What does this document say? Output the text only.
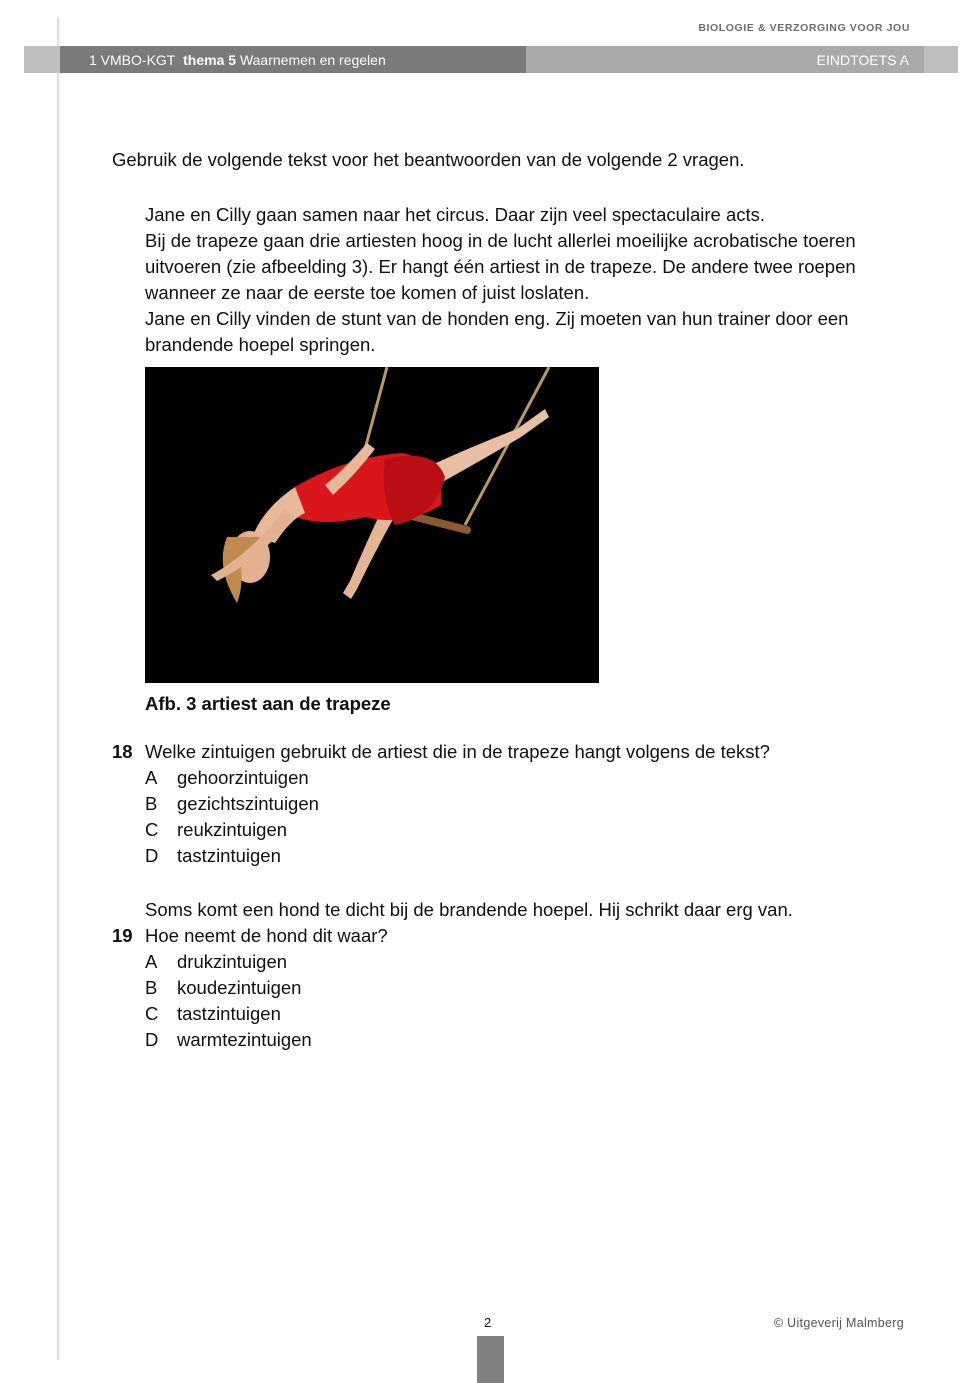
BIOLOGIE & VERZORGING VOOR JOU
1 VMBO-KGT thema 5 Waarnemen en regelen	EINDTOETS A
Gebruik de volgende tekst voor het beantwoorden van de volgende 2 vragen.

Jane en Cilly gaan samen naar het circus. Daar zijn veel spectaculaire acts.

Bij de trapeze gaan drie artiesten hoog in de lucht allerlei moeilijke acrobatische toeren uitvoeren (zie afbeelding 3). Er hangt één artiest in de trapeze. De andere twee roepen wanneer ze naar de eerste toe komen of juist loslaten.

Jane en Cilly vinden de stunt van de honden eng. Zij moeten van hun trainer door een brandende hoepel springen.

Afb. 3 artiest aan de trapeze
18 Welke zintuigen gebruikt de artiest die in de trapeze hangt volgens de tekst?
A	gehoorzintuigen
B	gezichtszintuigen
C	reukzintuigen
D	tastzintuigen
Soms komt een hond te dicht bij de brandende hoepel. Hij schrikt daar erg van.
19 Hoe neemt de hond dit waar?
A	drukzintuigen
B	koudezintuigen
C	tastzintuigen
D	warmtezintuigen
2	© Uitgeverij Malmberg
